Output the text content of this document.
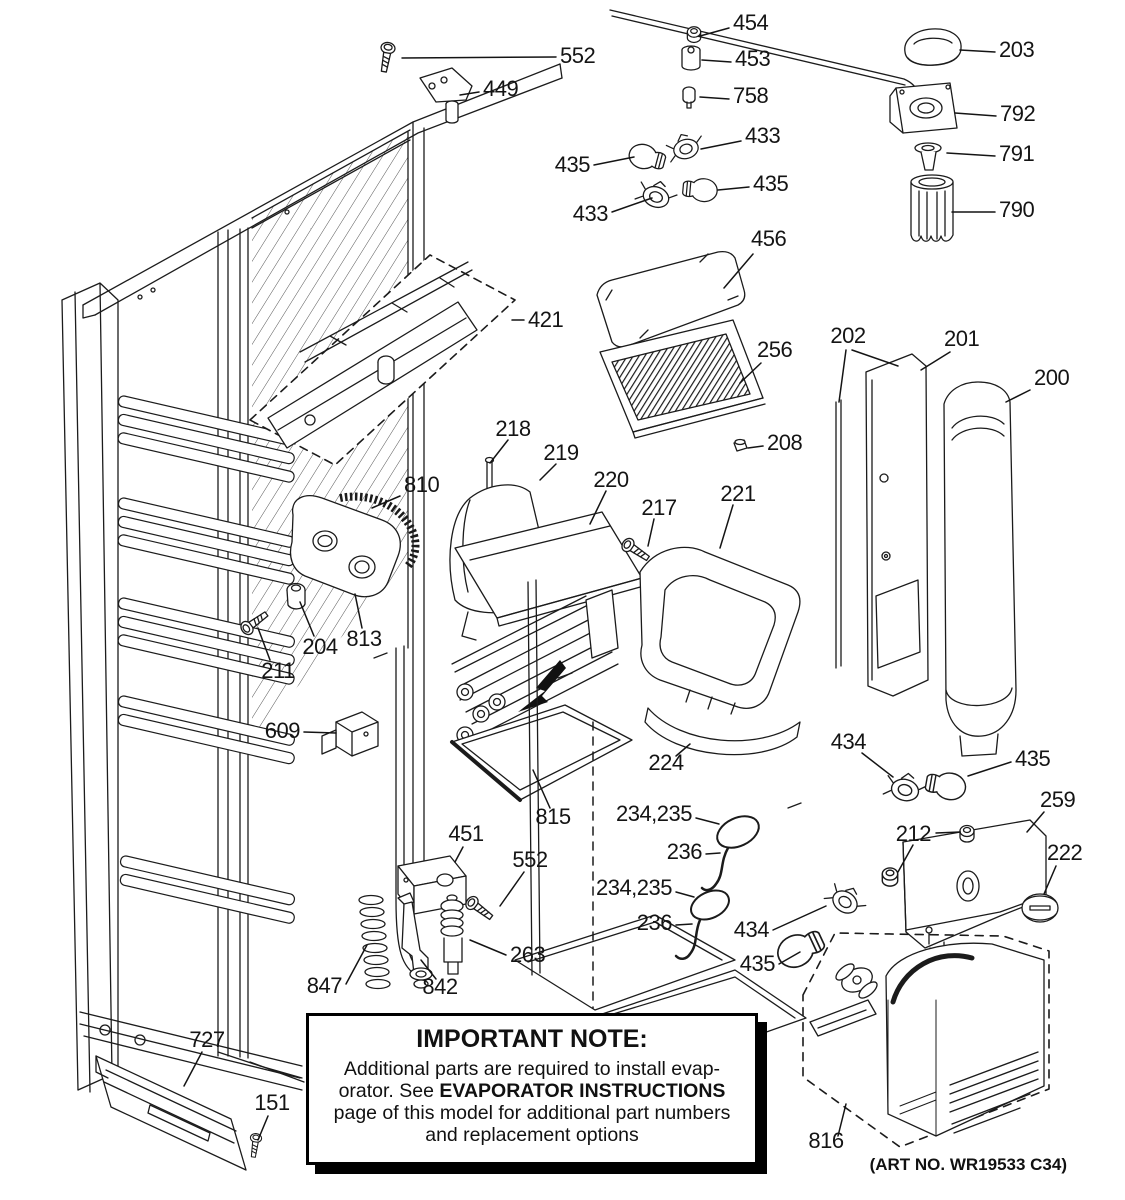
552
449
454
453
758
433
435
435
433
203
792
791
790
456
256
208
421
202	201
200
218
219
220
217
221
810
813
204
211
609
815
224
234,235
236
234,235
236
434
435
259
212
222
434
435
451
552
263
847	842
727
151
816
IMPORTANT NOTE:
Additional parts are required to install evap-
orator. See EVAPORATOR INSTRUCTIONS
page of this model for additional part numbers
and replacement options
(ART NO. WR19533 C34)
